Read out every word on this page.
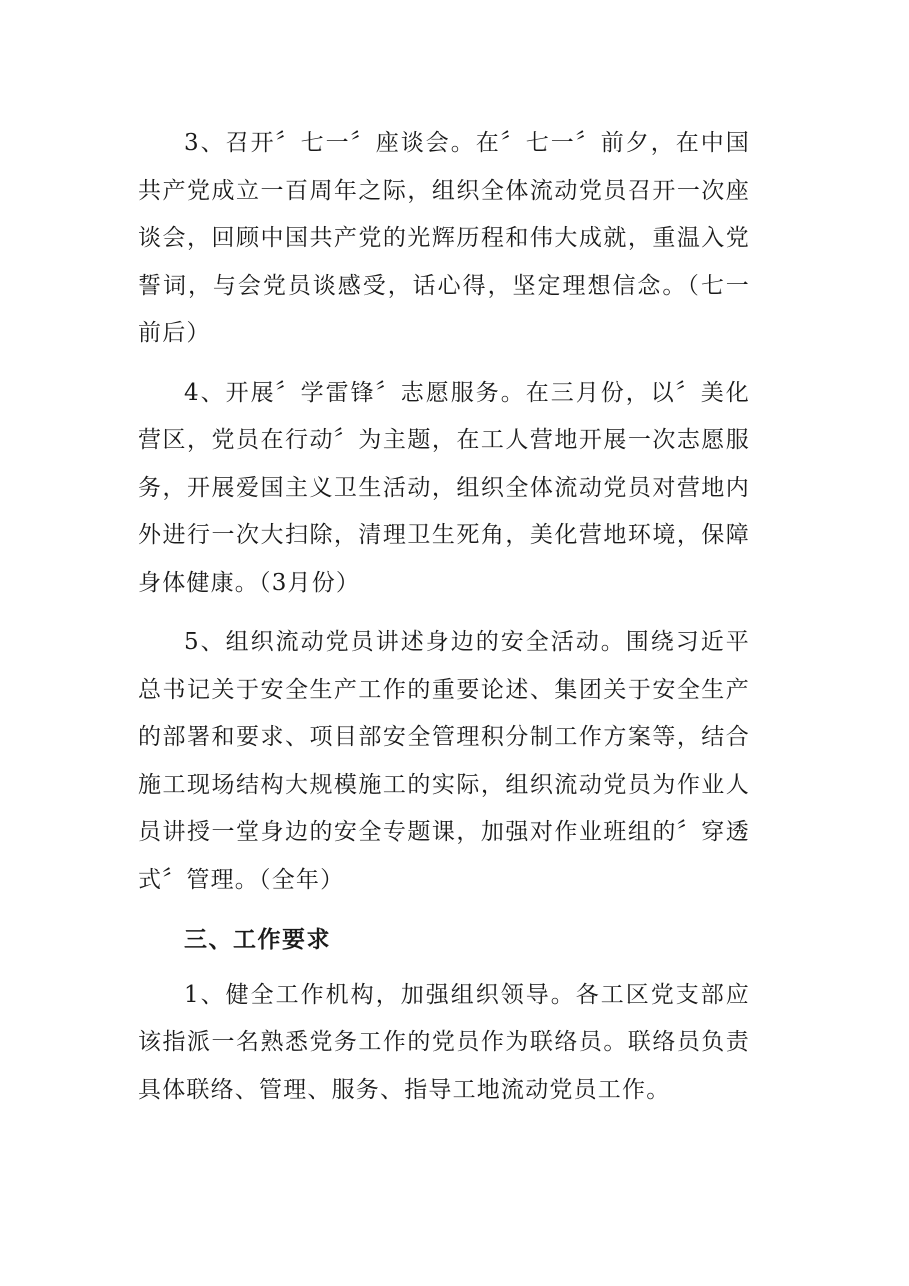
3、召开〞七一〞座谈会。在〞七一〞前夕，在中国共产党成立一百周年之际，组织全体流动党员召开一次座谈会，回顾中国共产党的光辉历程和伟大成就，重温入党誓词，与会党员谈感受，话心得，坚定理想信念。（七一前后）

4、开展〞学雷锋〞志愿服务。在三月份，以〞美化营区，党员在行动〞为主题，在工人营地开展一次志愿服务，开展爱国主义卫生活动，组织全体流动党员对营地内外进行一次大扫除，清理卫生死角，美化营地环境，保障身体健康。（3月份）

5、组织流动党员讲述身边的安全活动。围绕习近平总书记关于安全生产工作的重要论述、集团关于安全生产的部署和要求、项目部安全管理积分制工作方案等，结合施工现场结构大规模施工的实际，组织流动党员为作业人员讲授一堂身边的安全专题课，加强对作业班组的〞穿透式〞管理。（全年）

三、工作要求

1、健全工作机构，加强组织领导。各工区党支部应该指派一名熟悉党务工作的党员作为联络员。联络员负责具体联络、管理、服务、指导工地流动党员工作。
